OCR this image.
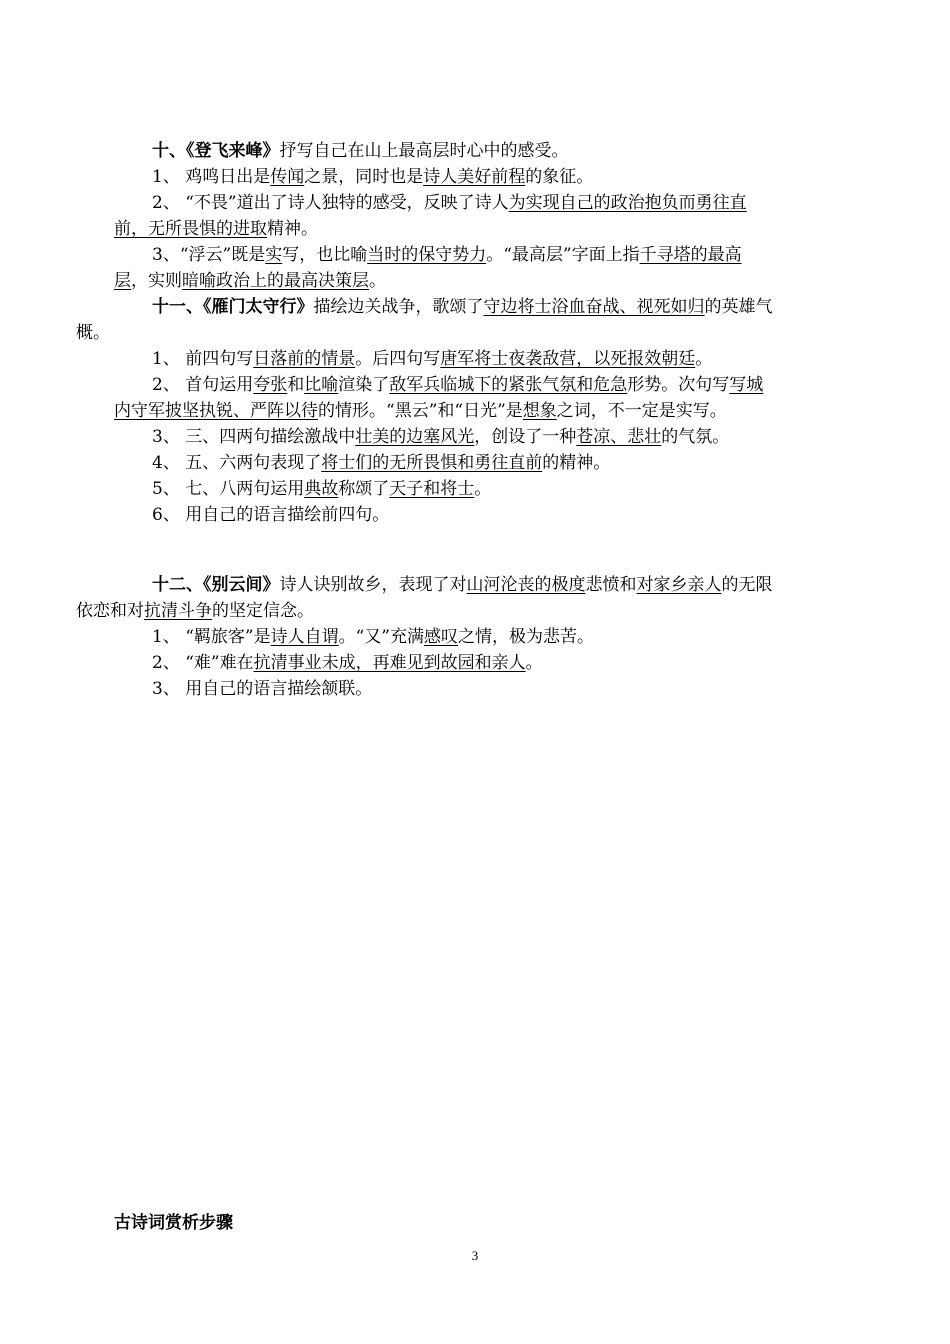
十、《登飞来峰》抒写自己在山上最高层时心中的感受。

1、 鸡鸣日出是传闻之景，同时也是诗人美好前程的象征。

2、 “不畏”道出了诗人独特的感受，反映了诗人为实现自己的政治抱负而勇往直
前，无所畏惧的进取精神。

3、“浮云”既是实写，也比喻当时的保守势力。“最高层”字面上指千寻塔的最高
层，实则暗喻政治上的最高决策层。

十一、《雁门太守行》描绘边关战争，歌颂了守边将士浴血奋战、视死如归的英雄气
概。

1、 前四句写日落前的情景。后四句写唐军将士夜袭敌营，以死报效朝廷。

2、 首句运用夸张和比喻渲染了敌军兵临城下的紧张气氛和危急形势。次句写写城
内守军披坚执锐、严阵以待的情形。“黑云”和“日光”是想象之词，不一定是实写。

3、 三、四两句描绘激战中壮美的边塞风光，创设了一种苍凉、悲壮的气氛。

4、 五、六两句表现了将士们的无所畏惧和勇往直前的精神。

5、 七、八两句运用典故称颂了天子和将士。

6、 用自己的语言描绘前四句。

十二、《别云间》诗人诀别故乡，表现了对山河沦丧的极度悲愤和对家乡亲人的无限
依恋和对抗清斗争的坚定信念。

1、 “羁旅客”是诗人自谓。“又”充满感叹之情，极为悲苦。

2、 “难”难在抗清事业未成，再难见到故园和亲人。

3、 用自己的语言描绘颔联。

古诗词赏析步骤
3
